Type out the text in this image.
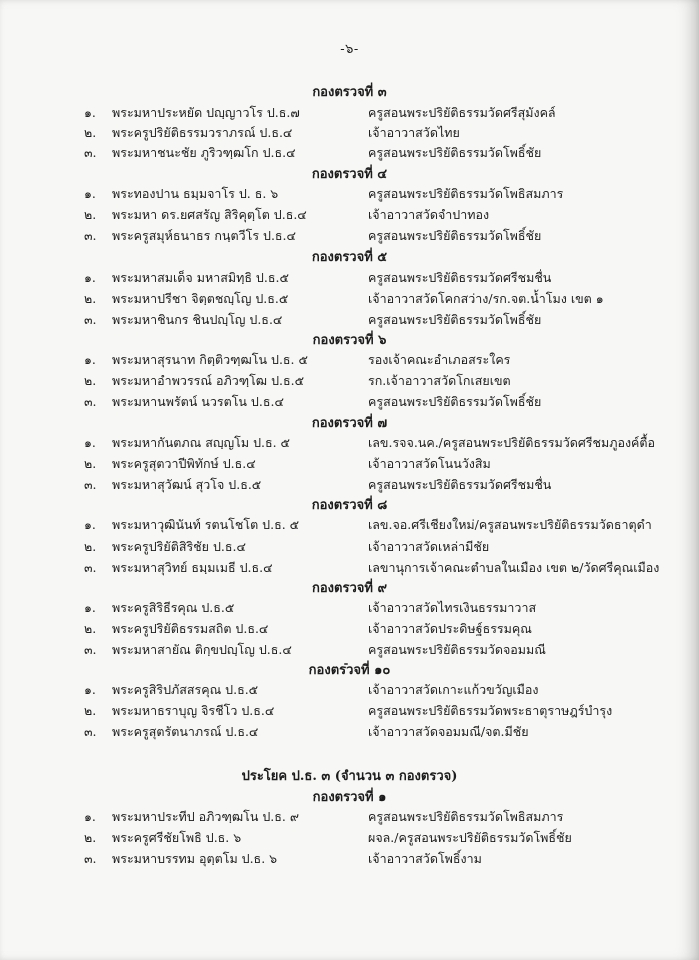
-๖-
กองตรวจที่ ๓
๑. พระมหาประหยัด ปญฺญาวโร ป.ธ.๗	ครูสอนพระปริยัติธรรมวัดศรีสุมังคล์
๒. พระครูปริยัติธรรมวราภรณ์ ป.ธ.๔	เจ้าอาวาสวัดไทย
๓. พระมหาชนะชัย ภูริวฑฺฒโก ป.ธ.๔	ครูสอนพระปริยัติธรรมวัดโพธิ์ชัย
กองตรวจที่ ๔
๑. พระทองปาน ธมฺมจาโร ป. ธ. ๖	ครูสอนพระปริยัติธรรมวัดโพธิสมภาร
๒. พระมหา ดร.ยศสรัญ สิริคุตฺโต ป.ธ.๔	เจ้าอาวาสวัดจำปาทอง
๓. พระครูสมุห์ธนาธร กนฺตวีโร ป.ธ.๔	ครูสอนพระปริยัติธรรมวัดโพธิ์ชัย
กองตรวจที่ ๕
๑. พระมหาสมเด็จ มหาสมิทฺธิ ป.ธ.๕	ครูสอนพระปริยัติธรรมวัดศรีชมชื่น
๒. พระมหาปรีชา จิตฺตชญฺโญ ป.ธ.๕	เจ้าอาวาสวัดโคกสว่าง/รก.จต.น้ำโมง เขต ๑
๓. พระมหาชินกร ชินปญฺโญ ป.ธ.๔	ครูสอนพระปริยัติธรรมวัดโพธิ์ชัย
กองตรวจที่ ๖
๑. พระมหาสุรนาท กิตฺติวฑฺฒโน ป.ธ. ๕	รองเจ้าคณะอำเภอสระใคร
๒. พระมหาอำพวรรณ์ อภิวฑฺโฒ ป.ธ.๕	รก.เจ้าอาวาสวัดโกเสยเขต
๓. พระมหานพรัตน์ นวรตโน ป.ธ.๔	ครูสอนพระปริยัติธรรมวัดโพธิ์ชัย
กองตรวจที่ ๗
๑. พระมหากันตภณ สญฺญโม ป.ธ. ๕	เลข.รจจ.นค./ครูสอนพระปริยัติธรรมวัดศรีชมภูองค์ตื้อ
๒. พระครูสุตวาปีพิทักษ์ ป.ธ.๔	เจ้าอาวาสวัดโนนวังสิม
๓. พระมหาสุวัฒน์ สุวโจ ป.ธ.๕	ครูสอนพระปริยัติธรรมวัดศรีชมชื่น
กองตรวจที่ ๘
๑. พระมหาวุฒินันท์ รตนโชโต ป.ธ. ๕	เลข.จอ.ศรีเชียงใหม่/ครูสอนพระปริยัติธรรมวัดธาตุดำ
๒. พระครูปริยัติสิริชัย ป.ธ.๔	เจ้าอาวาสวัดเหล่ามีชัย
๓. พระมหาสุวิทย์ ธมฺมเมธี ป.ธ.๔	เลขานุการเจ้าคณะตำบลในเมือง เขต ๒/วัดศรีคุณเมือง
กองตรวจที่ ๙
๑. พระครูสิริธีรคุณ ป.ธ.๕	เจ้าอาวาสวัดไทรเงินธรรมาวาส
๒. พระครูปริยัติธรรมสถิต ป.ธ.๔	เจ้าอาวาสวัดประดิษฐ์ธรรมคุณ
๓. พระมหาสายัณ ติกฺขปญฺโญ ป.ธ.๔	ครูสอนพระปริยัติธรรมวัดจอมมณี
กองตรวจที่ ๑๐
๑. พระครูสิริปภัสสรคุณ ป.ธ.๕	เจ้าอาวาสวัดเกาะแก้วขวัญเมือง
๒. พระมหาธราบุญ จิรชีโว ป.ธ.๔	ครูสอนพระปริยัติธรรมวัดพระธาตุราษฎร์บำรุง
๓. พระครูสุตรัตนาภรณ์ ป.ธ.๔	เจ้าอาวาสวัดจอมมณี/จต.มีชัย
ประโยค ป.ธ. ๓ (จำนวน ๓ กองตรวจ)
กองตรวจที่ ๑
๑. พระมหาประทีป อภิวฑฺฒโน ป.ธ. ๙	ครูสอนพระปริยัติธรรมวัดโพธิสมภาร
๒. พระครูศรีชัยโพธิ ป.ธ. ๖	ผจล./ครูสอนพระปริยัติธรรมวัดโพธิ์ชัย
๓. พระมหาบรรทม อุตฺตโม ป.ธ. ๖	เจ้าอาวาสวัดโพธิ์งาม
